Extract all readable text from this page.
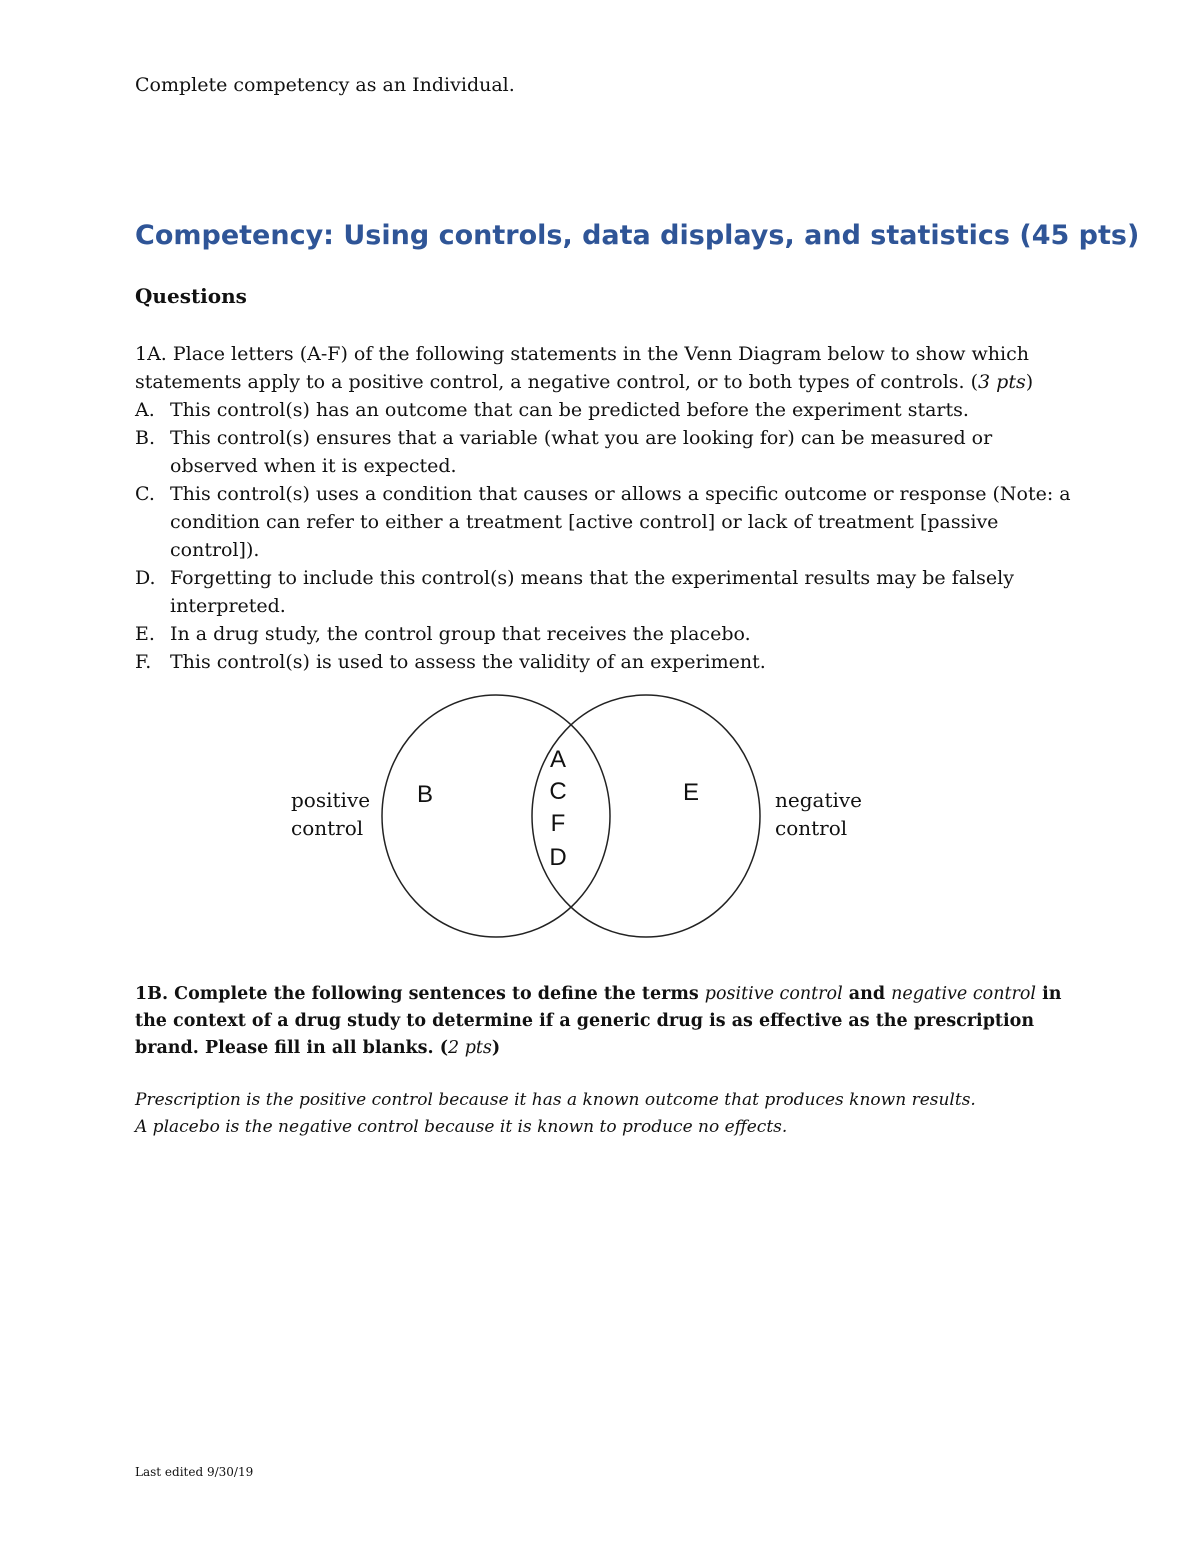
Complete competency as an Individual.
Competency: Using controls, data displays, and statistics (45 pts)
Questions
1A. Place letters (A-F) of the following statements in the Venn Diagram below to show which statements apply to a positive control, a negative control, or to both types of controls. (3 pts)
A. This control(s) has an outcome that can be predicted before the experiment starts.
B. This control(s) ensures that a variable (what you are looking for) can be measured or observed when it is expected.
C. This control(s) uses a condition that causes or allows a specific outcome or response (Note: a condition can refer to either a treatment [active control] or lack of treatment [passive control]).
D. Forgetting to include this control(s) means that the experimental results may be falsely interpreted.
E. In a drug study, the control group that receives the placebo.
F. This control(s) is used to assess the validity of an experiment.
positive
control
negative
control
B	E
A
C
F
D
1B. Complete the following sentences to define the terms positive control and negative control in the context of a drug study to determine if a generic drug is as effective as the prescription brand. Please fill in all blanks. (2 pts)
Prescription is the positive control because it has a known outcome that produces known results.
A placebo is the negative control because it is known to produce no effects.
Last edited 9/30/19
